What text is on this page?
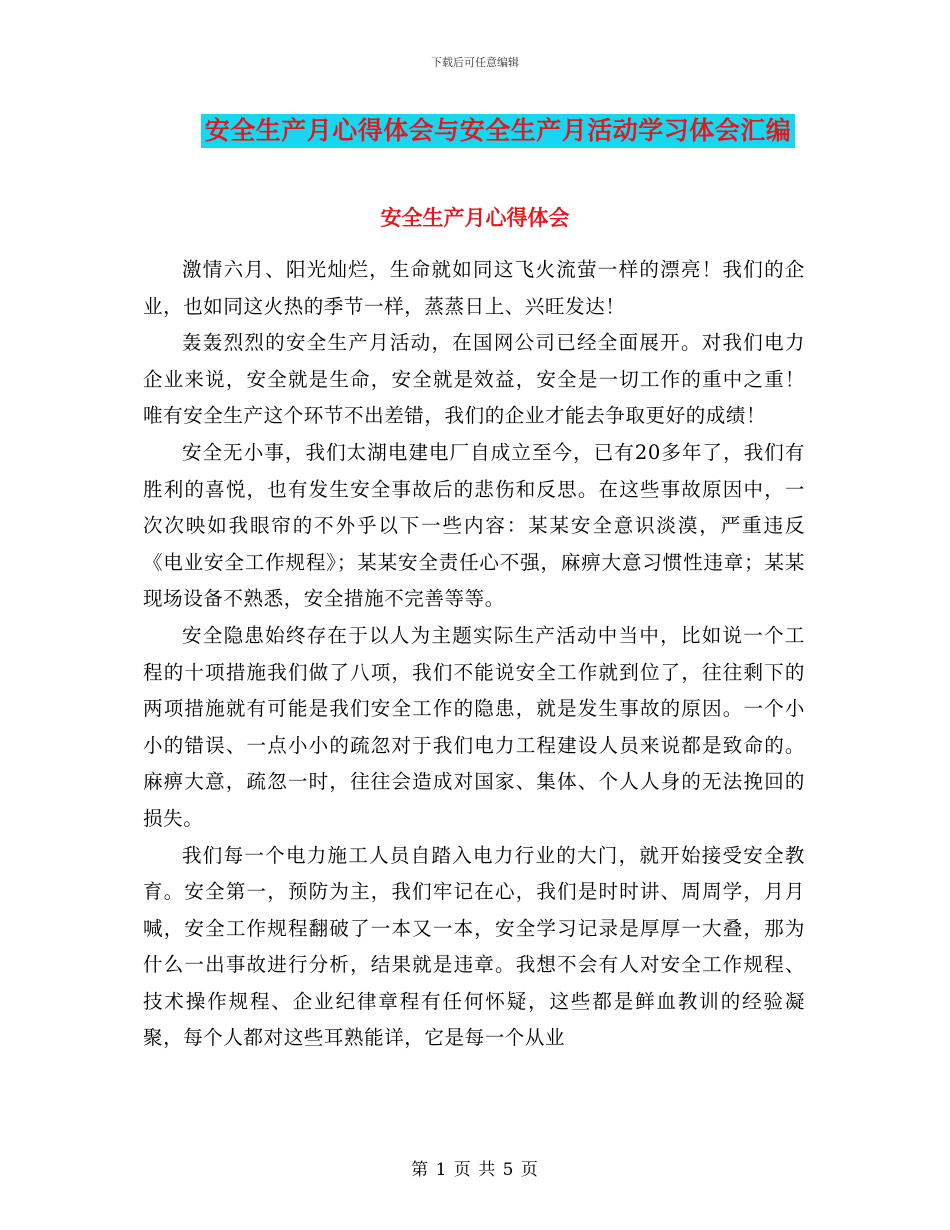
下载后可任意编辑
安全生产月心得体会与安全生产月活动学习体会汇编
安全生产月心得体会

激情六月、阳光灿烂，生命就如同这飞火流萤一样的漂亮！我们的企业，也如同这火热的季节一样，蒸蒸日上、兴旺发达！

轰轰烈烈的安全生产月活动，在国网公司已经全面展开。对我们电力企业来说，安全就是生命，安全就是效益，安全是一切工作的重中之重！唯有安全生产这个环节不出差错，我们的企业才能去争取更好的成绩！

安全无小事，我们太湖电建电厂自成立至今，已有20多年了，我们有胜利的喜悦，也有发生安全事故后的悲伤和反思。在这些事故原因中，一次次映如我眼帘的不外乎以下一些内容：某某安全意识淡漠，严重违反《电业安全工作规程》；某某安全责任心不强，麻痹大意习惯性违章；某某现场设备不熟悉，安全措施不完善等等。

安全隐患始终存在于以人为主题实际生产活动中当中，比如说一个工程的十项措施我们做了八项，我们不能说安全工作就到位了，往往剩下的两项措施就有可能是我们安全工作的隐患，就是发生事故的原因。一个小小的错误、一点小小的疏忽对于我们电力工程建设人员来说都是致命的。麻痹大意，疏忽一时，往往会造成对国家、集体、个人人身的无法挽回的损失。

我们每一个电力施工人员自踏入电力行业的大门，就开始接受安全教育。安全第一，预防为主，我们牢记在心，我们是时时讲、周周学，月月喊，安全工作规程翻破了一本又一本，安全学习记录是厚厚一大叠，那为什么一出事故进行分析，结果就是违章。我想不会有人对安全工作规程、技术操作规程、企业纪律章程有任何怀疑，这些都是鲜血教训的经验凝聚，每个人都对这些耳熟能详，它是每一个从业

第 1 页 共 5 页
